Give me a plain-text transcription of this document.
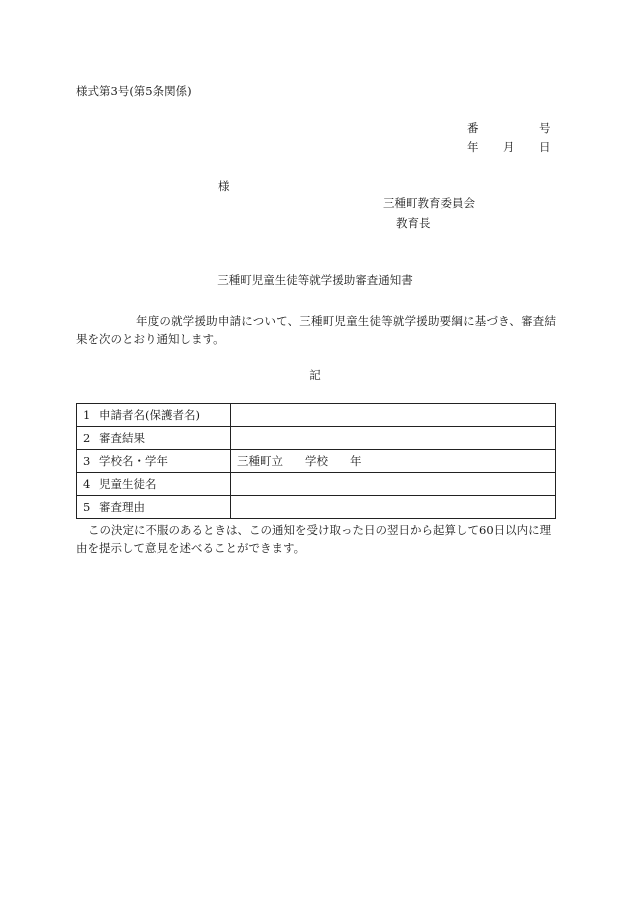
様式第3号(第5条関係)
番	号
年 月 日
様
三種町教育委員会
教育長
三種町児童生徒等就学援助審査通知書
年度の就学援助申請について、三種町児童生徒等就学援助要綱に基づき、審査結果を次のとおり通知します。
記
1 申請者名(保護者名)	
2 審査結果	
3 学校名・学年	三種町立 学校 年
4 児童生徒名	
5 審査理由	
この決定に不服のあるときは、この通知を受け取った日の翌日から起算して60日以内に理由を提示して意見を述べることができます。
